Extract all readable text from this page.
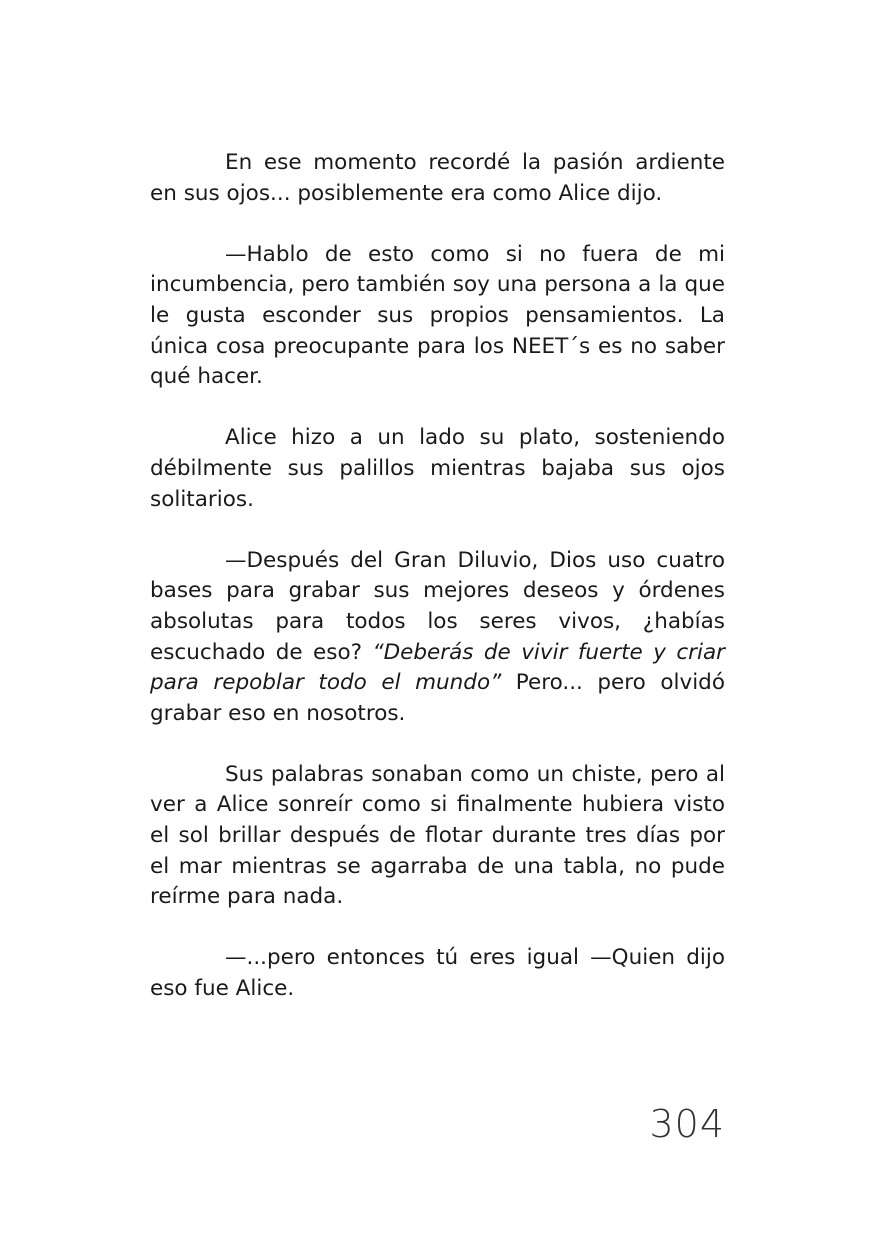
En ese momento recordé la pasión ardiente en sus ojos... posiblemente era como Alice dijo.

—Hablo de esto como si no fuera de mi incumbencia, pero también soy una persona a la que le gusta esconder sus propios pensamientos. La única cosa preocupante para los NEET´s es no saber qué hacer.

Alice hizo a un lado su plato, sosteniendo débilmente sus palillos mientras bajaba sus ojos solitarios.

—Después del Gran Diluvio, Dios uso cuatro bases para grabar sus mejores deseos y órdenes absolutas para todos los seres vivos, ¿habías escuchado de eso? “Deberás de vivir fuerte y criar para repoblar todo el mundo” Pero... pero olvidó grabar eso en nosotros.

Sus palabras sonaban como un chiste, pero al ver a Alice sonreír como si finalmente hubiera visto el sol brillar después de flotar durante tres días por el mar mientras se agarraba de una tabla, no pude reírme para nada.

—...pero entonces tú eres igual —Quien dijo eso fue Alice.

304
